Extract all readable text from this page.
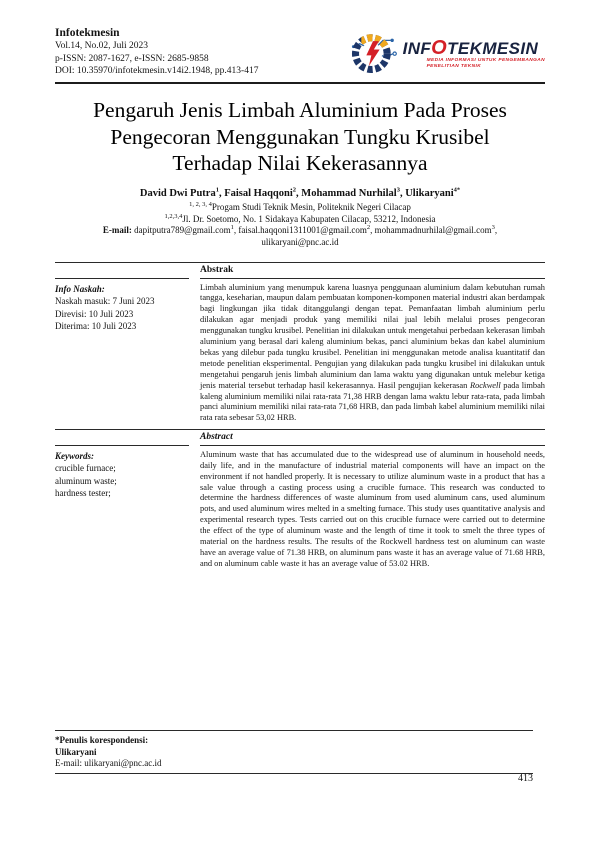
Infotekmesin
Vol.14, No.02, Juli 2023
p-ISSN: 2087-1627, e-ISSN: 2685-9858
DOI: 10.35970/infotekmesin.v14i2.1948, pp.413-417
INFOTEKMESIN
MEDIA INFORMASI UNTUK PENGEMBANGAN
PENELITIAN TEKNIK
Pengaruh Jenis Limbah Aluminium Pada Proses
Pengecoran Menggunakan Tungku Krusibel
Terhadap Nilai Kekerasannya
David Dwi Putra$^1$, Faisal Haqqoni$^2$, Mohammad Nurhilal$^3$, Ulikaryani$^{4*}$
$^{1, 2, 3, 4}$Progam Studi Teknik Mesin, Politeknik Negeri Cilacap
$^{1,2,3,4}$Jl. Dr. Soetomo, No. 1 Sidakaya Kabupaten Cilacap, 53212, Indonesia
E-mail: dapitputra789@gmail.com$^1$, faisal.haqqoni1311001@gmail.com$^2$, mohammadnurhilal@gmail.com$^3$,
ulikaryani@pnc.ac.id
Abstrak
Info Naskah:
Naskah masuk: 7 Juni 2023
Direvisi: 10 Juli 2023
Diterima: 10 Juli 2023
Limbah aluminium yang menumpuk karena luasnya penggunaan aluminium dalam kebutuhan rumah tangga, keseharian, maupun dalam pembuatan komponen-komponen material industri akan berdampak bagi lingkungan jika tidak ditanggulangi dengan tepat. Pemanfaatan limbah aluminium perlu dilakukan agar menjadi produk yang memiliki nilai jual lebih melalui proses pengecoran menggunakan tungku krusibel. Penelitian ini dilakukan untuk mengetahui perbedaan kekerasan limbah aluminium yang berasal dari kaleng aluminium bekas, panci aluminium bekas dan kabel aluminium bekas yang dilebur pada tungku krusibel. Penelitian ini menggunakan metode analisa kuantitatif dan metode penelitian eksperimental. Pengujian yang dilakukan pada tungku krusibel ini dilakukan untuk mengetahui pengaruh jenis limbah aluminium dan lama waktu yang digunakan untuk melebur ketiga jenis material tersebut terhadap hasil kekerasannya. Hasil pengujian kekerasan Rockwell pada limbah kaleng aluminium memiliki nilai rata-rata 71,38 HRB dengan lama waktu lebur rata-rata, pada limbah panci aluminium memiliki nilai rata-rata 71,68 HRB, dan pada limbah kabel aluminium memiliki nilai rata rata sebesar 53,02 HRB.
Abstract
Keywords:
crucible furnace;
aluminum waste;
hardness tester;
Aluminum waste that has accumulated due to the widespread use of aluminum in household needs, daily life, and in the manufacture of industrial material components will have an impact on the environment if not handled properly. It is necessary to utilize aluminum waste in a product that has a sale value through a casting process using a crucible furnace. This research was conducted to determine the hardness differences of waste aluminum from used aluminum cans, used aluminum pots, and used aluminum wires melted in a smelting furnace. This study uses quantitative analysis and experimental research types. Tests carried out on this crucible furnace were carried out to determine the effect of the type of aluminum waste and the length of time it took to smelt the three types of material on the hardness results. The results of the Rockwell hardness test on aluminum can waste have an average value of 71.38 HRB, on aluminum pans waste it has an average value of 71.68 HRB, and on aluminum cable waste it has an average value of 53.02 HRB.
*Penulis korespondensi:
Ulikaryani
E-mail: ulikaryani@pnc.ac.id
413
